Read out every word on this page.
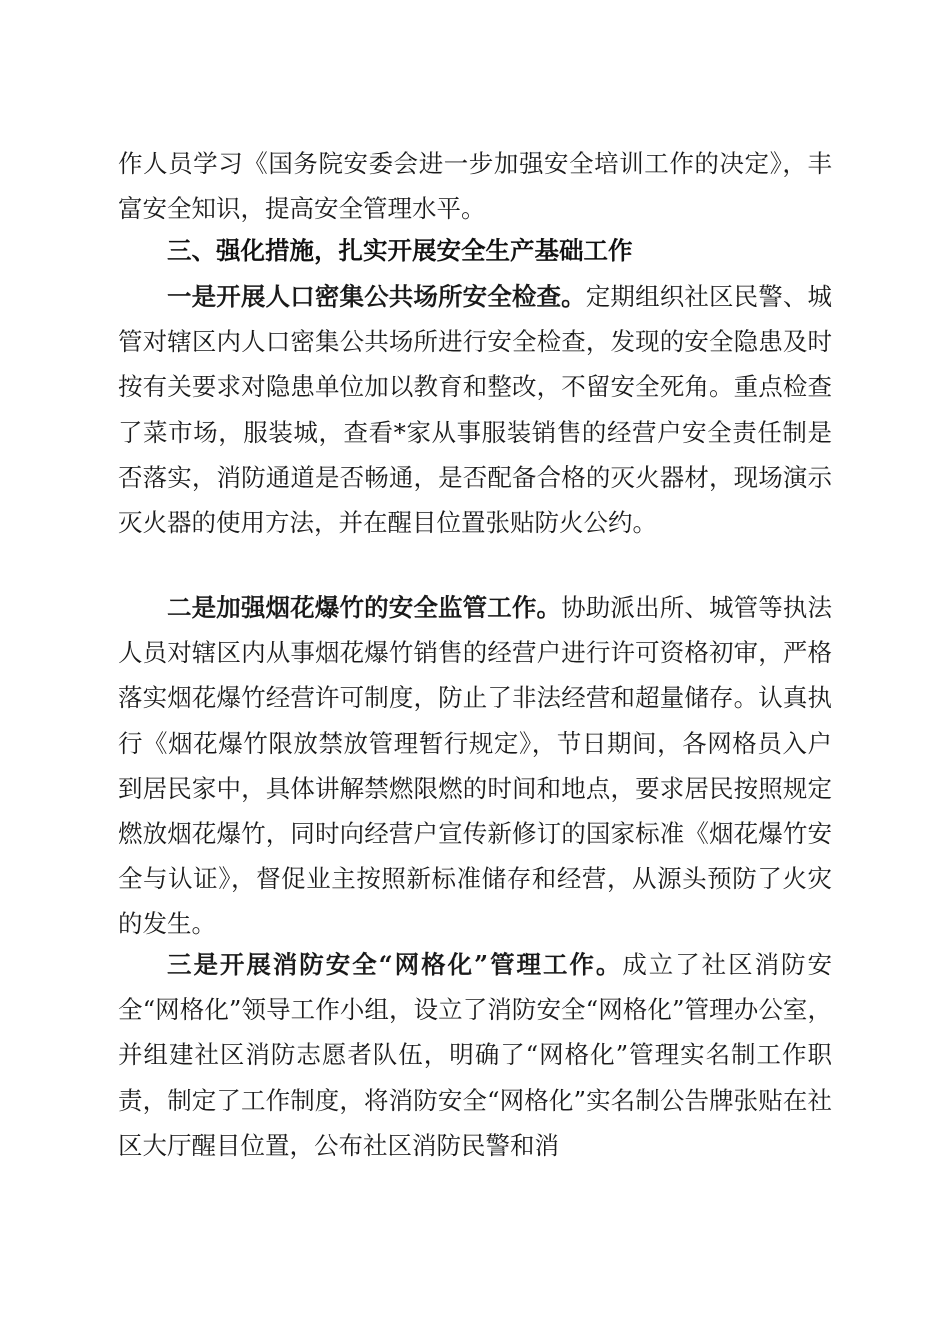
作人员学习《国务院安委会进一步加强安全培训工作的决定》，丰富安全知识，提高安全管理水平。

三、强化措施，扎实开展安全生产基础工作

一是开展人口密集公共场所安全检查。定期组织社区民警、城管对辖区内人口密集公共场所进行安全检查，发现的安全隐患及时按有关要求对隐患单位加以教育和整改，不留安全死角。重点检查了菜市场，服装城，查看*家从事服装销售的经营户安全责任制是否落实，消防通道是否畅通，是否配备合格的灭火器材，现场演示灭火器的使用方法，并在醒目位置张贴防火公约。

二是加强烟花爆竹的安全监管工作。协助派出所、城管等执法人员对辖区内从事烟花爆竹销售的经营户进行许可资格初审，严格落实烟花爆竹经营许可制度，防止了非法经营和超量储存。认真执行《烟花爆竹限放禁放管理暂行规定》，节日期间，各网格员入户到居民家中，具体讲解禁燃限燃的时间和地点，要求居民按照规定燃放烟花爆竹，同时向经营户宣传新修订的国家标准《烟花爆竹安全与认证》，督促业主按照新标准储存和经营，从源头预防了火灾的发生。

三是开展消防安全“网格化”管理工作。成立了社区消防安全“网格化”领导工作小组，设立了消防安全“网格化”管理办公室，并组建社区消防志愿者队伍，明确了“网格化”管理实名制工作职责，制定了工作制度，将消防安全“网格化”实名制公告牌张贴在社区大厅醒目位置，公布社区消防民警和消
